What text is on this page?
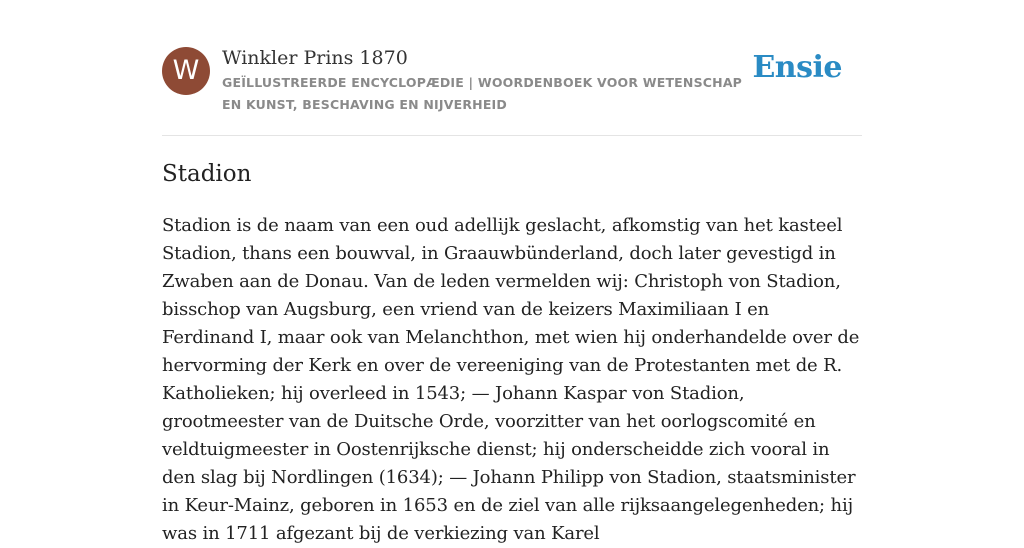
W	Winkler Prins 1870
GEÏLLUSTREERDE ENCYCLOPÆDIE | WOORDENBOEK VOOR WETENSCHAP EN KUNST, BESCHAVING EN NIJVERHEID
Ensie
Stadion

Stadion is de naam van een oud adellijk geslacht, afkomstig van het kasteel Stadion, thans een bouwval, in Graauwbünderland, doch later gevestigd in Zwaben aan de Donau. Van de leden vermelden wij: Christoph von Stadion, bisschop van Augsburg, een vriend van de keizers Maximiliaan I en Ferdinand I, maar ook van Melanchthon, met wien hij onderhandelde over de hervorming der Kerk en over de vereeniging van de Protestanten met de R. Katholieken; hij overleed in 1543; — Johann Kaspar von Stadion, grootmeester van de Duitsche Orde, voorzitter van het oorlogscomité en veldtuigmeester in Oostenrijksche dienst; hij onderscheidde zich vooral in den slag bij Nordlingen (1634); — Johann Philipp von Stadion, staatsminister in Keur-Mainz, geboren in 1653 en de ziel van alle rijksaangelegenheden; hij was in 1711 afgezant bij de verkiezing van Karel
